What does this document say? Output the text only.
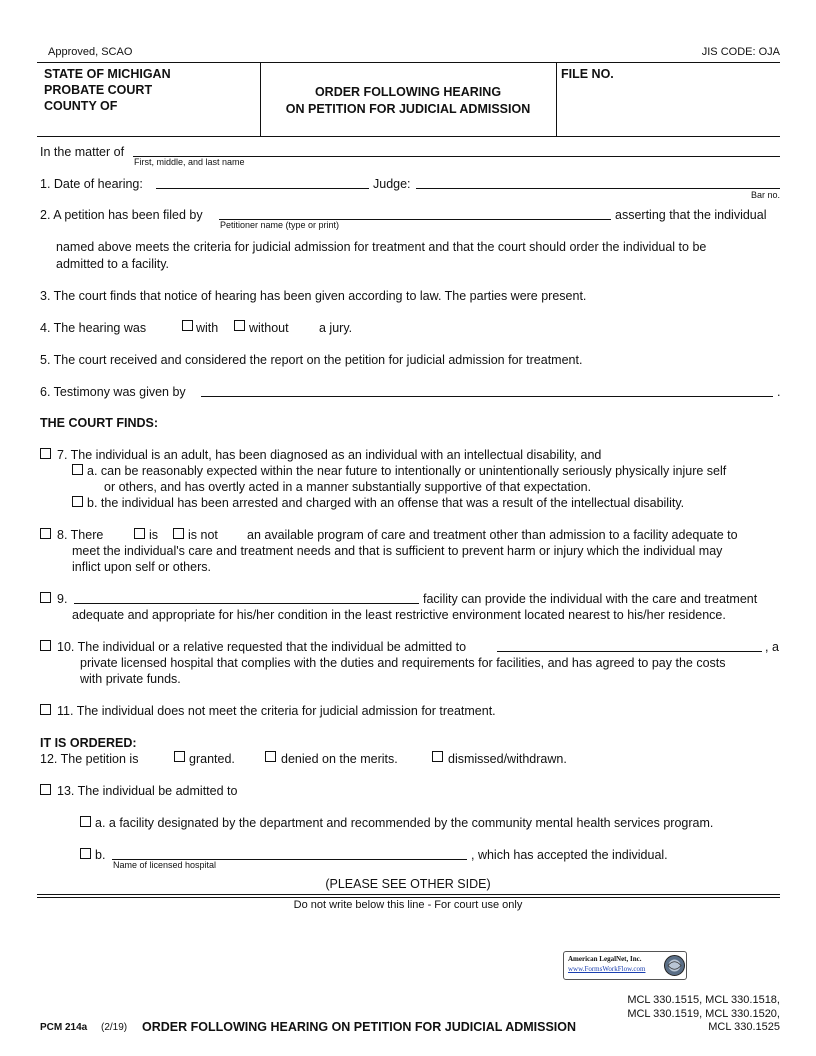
Approved, SCAO	JIS CODE: OJA
STATE OF MICHIGAN
PROBATE COURT
COUNTY OF
ORDER FOLLOWING HEARING
ON PETITION FOR JUDICIAL ADMISSION
FILE NO.
In the matter of
First, middle, and last name
1. Date of hearing:	Judge:
Bar no.
2. A petition has been filed by
Petitioner name (type or print)
asserting that the individual
named above meets the criteria for judicial admission for treatment and that the court should order the individual to be
admitted to a facility.
3. The court finds that notice of hearing has been given according to law. The parties were present.
4. The hearing was	with without a jury.
5. The court received and considered the report on the petition for judicial admission for treatment.
6. Testimony was given by	.
THE COURT FINDS:
7. The individual is an adult, has been diagnosed as an individual with an intellectual disability, and
a. can be reasonably expected within the near future to intentionally or unintentionally seriously physically injure self
or others, and has overtly acted in a manner substantially supportive of that expectation.
b. the individual has been arrested and charged with an offense that was a result of the intellectual disability.
8. There	is is not an available program of care and treatment other than admission to a facility adequate to
meet the individual's care and treatment needs and that is sufficient to prevent harm or injury which the individual may
inflict upon self or others.
9.	facility can provide the individual with the care and treatment
adequate and appropriate for his/her condition in the least restrictive environment located nearest to his/her residence.
10. The individual or a relative requested that the individual be admitted to	, a
private licensed hospital that complies with the duties and requirements for facilities, and has agreed to pay the costs
with private funds.
11. The individual does not meet the criteria for judicial admission for treatment.
IT IS ORDERED:
12. The petition is	granted.	denied on the merits.	dismissed/withdrawn.
13. The individual be admitted to
a. a facility designated by the department and recommended by the community mental health services program.
b.
Name of licensed hospital
, which has accepted the individual.
(PLEASE SEE OTHER SIDE)
Do not write below this line - For court use only
American LegalNet, Inc.
www.FormsWorkFlow.com
MCL 330.1515, MCL 330.1518,
MCL 330.1519, MCL 330.1520,
MCL 330.1525
PCM 214a (2/19) ORDER FOLLOWING HEARING ON PETITION FOR JUDICIAL ADMISSION
